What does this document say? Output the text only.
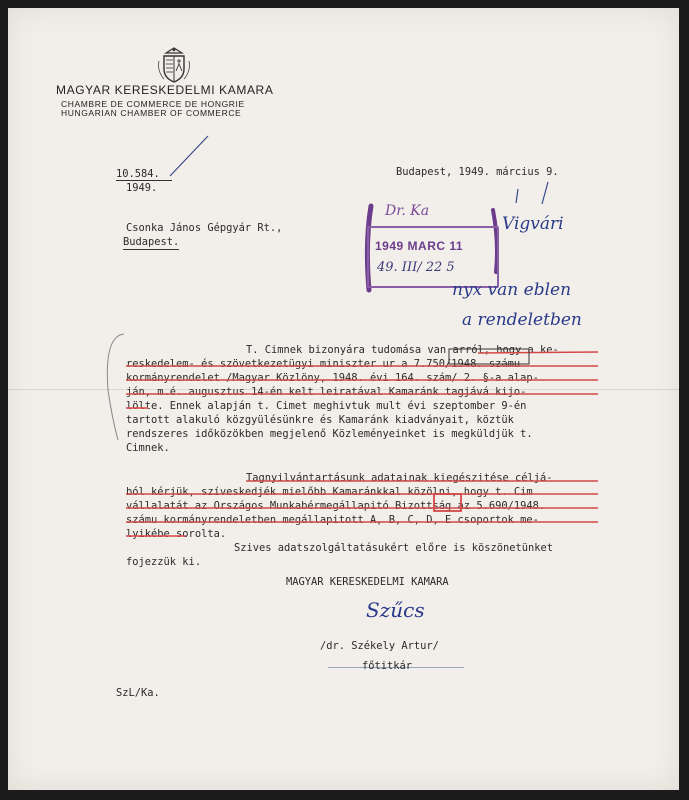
MAGYAR KERESKEDELMI KAMARA
CHAMBRE DE COMMERCE DE HONGRIE
HUNGARIAN CHAMBER OF COMMERCE
10.584.
1949.
Budapest, 1949. március 9.
Csonka János Gépgyár Rt.,
Budapest.
Dr. Ka
1949 MARC 11
49. III/ 22 5
Vigvári
nyx van eblen
a rendeletben
T. Cimnek bizonyára tudomása van arról, hogy a ke-
reskedelem- és szövetkezetügyi miniszter ur a 7.750/1948. számu
kormányrendelet /Magyar Közlöny, 1948. évi 164. szám/ 2. §-a alap-
ján, m.é. augusztus 14-én kelt leiratával Kamaránk tagjává kijo-
lölte. Ennek alapján t. Cimet meghivtuk mult évi szeptomber 9-én
tartott alakuló közgyülésünkre és Kamaránk kiadványait, köztük
rendszeres időközökben megjelenő Közleményeinket is megküldjük t.
Cimnek.
Tagnyilvántartásunk adatainak kiegészitése céljá-
ból kérjük, szíveskedjék mielőbb Kamaránkkal közölni, hogy t. Cim
vállalatát az Országos Munkabérmegállapitó Bizottság az 5.690/1948.
számu kormányrendeletben megállapitott A, B, C, D, E csoportok me-
lyikébe sorolta.
Szives adatszolgáltatásukért előre is köszönetünket
fojezzük ki.
MAGYAR KERESKEDELMI KAMARA
Szűcs
/dr. Székely Artur/
főtitkár
SzL/Ka.
